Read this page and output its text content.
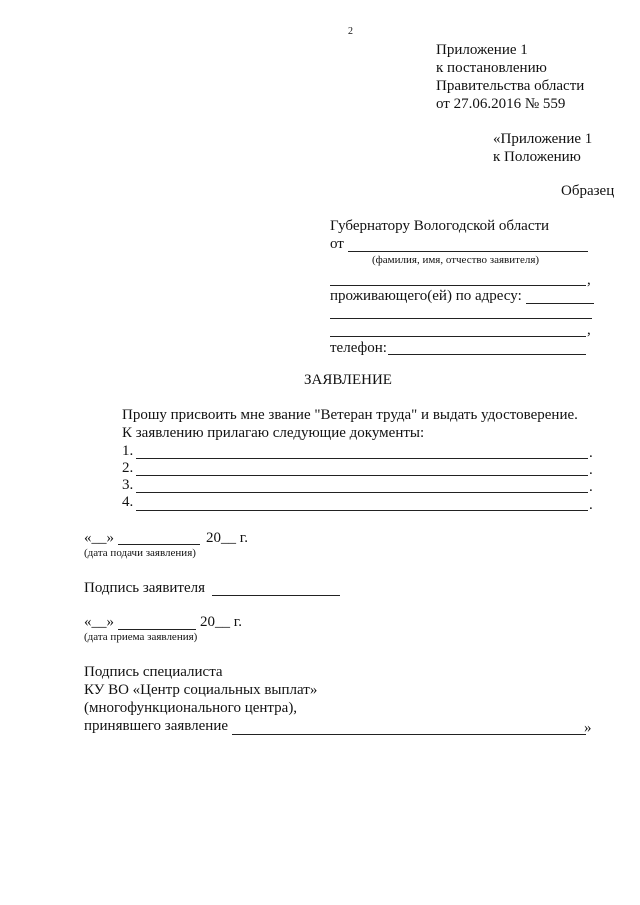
2
Приложение 1
к постановлению
Правительства области
от 27.06.2016 № 559
«Приложение 1
к Положению
Образец
Губернатору Вологодской области
от
(фамилия, имя, отчество заявителя)
,
проживающего(ей) по адресу:
,
телефон:
ЗАЯВЛЕНИЕ
Прошу присвоить мне звание "Ветеран труда" и выдать удостоверение.
К заявлению прилагаю следующие документы:
1.	.
2.	.
3.	.
4.	.
«__»	20__ г.
(дата подачи заявления)
Подпись заявителя
«__»	20__ г.
(дата приема заявления)
Подпись специалиста
КУ ВО «Центр социальных выплат»
(многофункционального центра),
принявшего заявление	»
